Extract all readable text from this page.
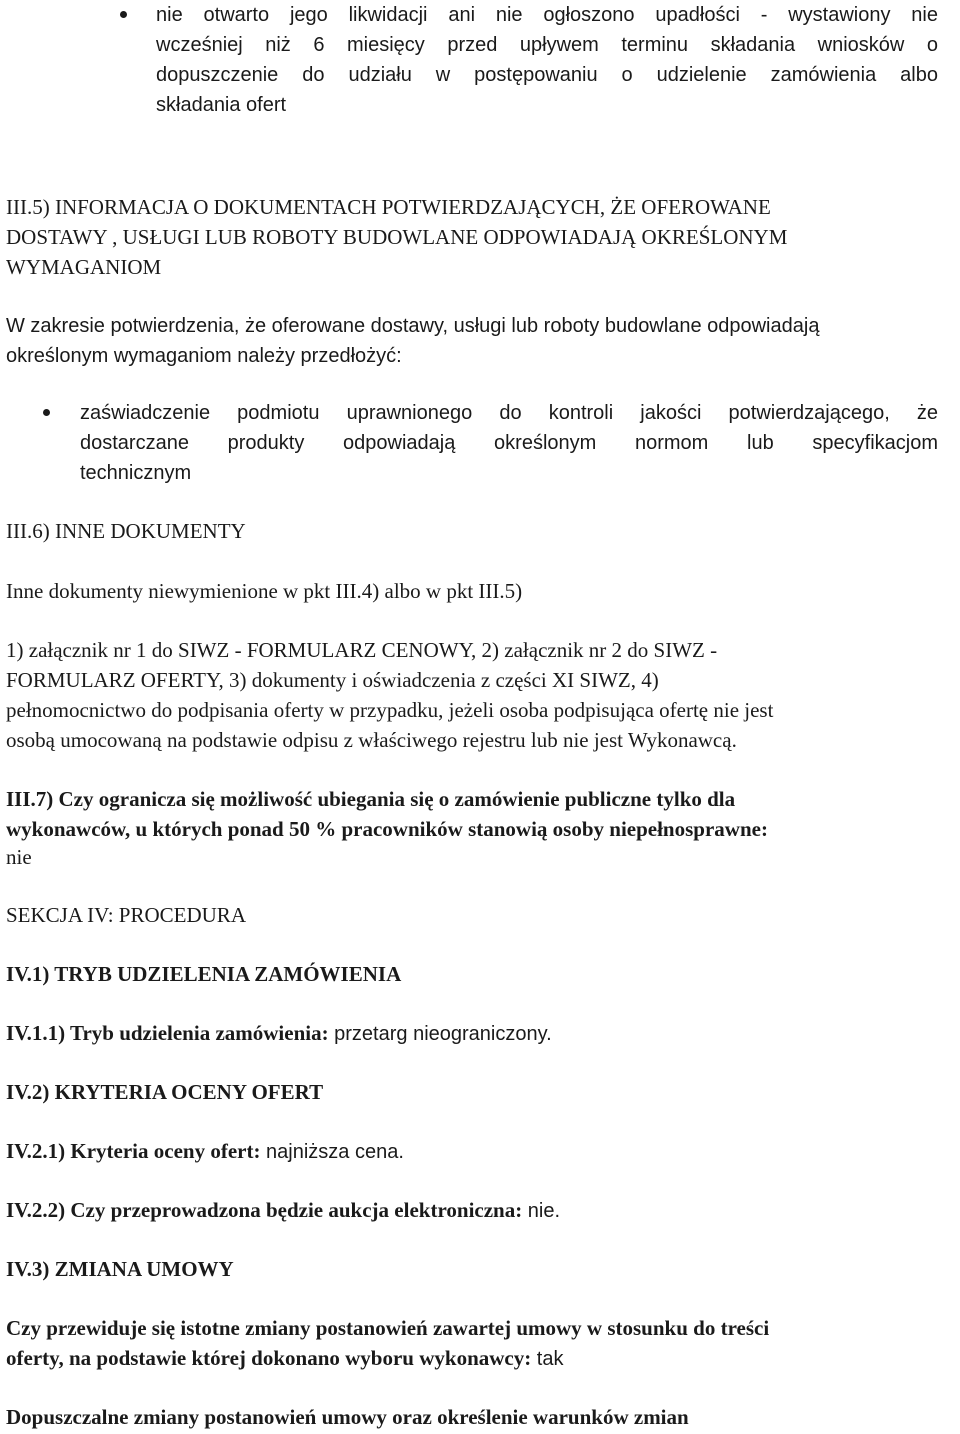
nie otwarto jego likwidacji ani nie ogłoszono upadłości - wystawiony nie
wcześniej niż 6 miesięcy przed upływem terminu składania wniosków o
dopuszczenie do udziału w postępowaniu o udzielenie zamówienia albo
składania ofert
III.5) INFORMACJA O DOKUMENTACH POTWIERDZAJĄCYCH, ŻE OFEROWANE
DOSTAWY , USŁUGI LUB ROBOTY BUDOWLANE ODPOWIADAJĄ OKREŚLONYM
WYMAGANIOM
W zakresie potwierdzenia, że oferowane dostawy, usługi lub roboty budowlane odpowiadają
określonym wymaganiom należy przedłożyć:
zaświadczenie podmiotu uprawnionego do kontroli jakości potwierdzającego, że
dostarczane produkty odpowiadają określonym normom lub specyfikacjom
technicznym
III.6) INNE DOKUMENTY
Inne dokumenty niewymienione w pkt III.4) albo w pkt III.5)
1) załącznik nr 1 do SIWZ - FORMULARZ CENOWY, 2) załącznik nr 2 do SIWZ -
FORMULARZ OFERTY, 3) dokumenty i oświadczenia z części XI SIWZ, 4)
pełnomocnictwo do podpisania oferty w przypadku, jeżeli osoba podpisująca ofertę nie jest
osobą umocowaną na podstawie odpisu z właściwego rejestru lub nie jest Wykonawcą.
III.7) Czy ogranicza się możliwość ubiegania się o zamówienie publiczne tylko dla
wykonawców, u których ponad 50 % pracowników stanowią osoby niepełnosprawne:
nie
SEKCJA IV: PROCEDURA
IV.1) TRYB UDZIELENIA ZAMÓWIENIA
IV.1.1) Tryb udzielenia zamówienia: przetarg nieograniczony.
IV.2) KRYTERIA OCENY OFERT
IV.2.1) Kryteria oceny ofert: najniższa cena.
IV.2.2) Czy przeprowadzona będzie aukcja elektroniczna: nie.
IV.3) ZMIANA UMOWY
Czy przewiduje się istotne zmiany postanowień zawartej umowy w stosunku do treści
oferty, na podstawie której dokonano wyboru wykonawcy: tak
Dopuszczalne zmiany postanowień umowy oraz określenie warunków zmian
